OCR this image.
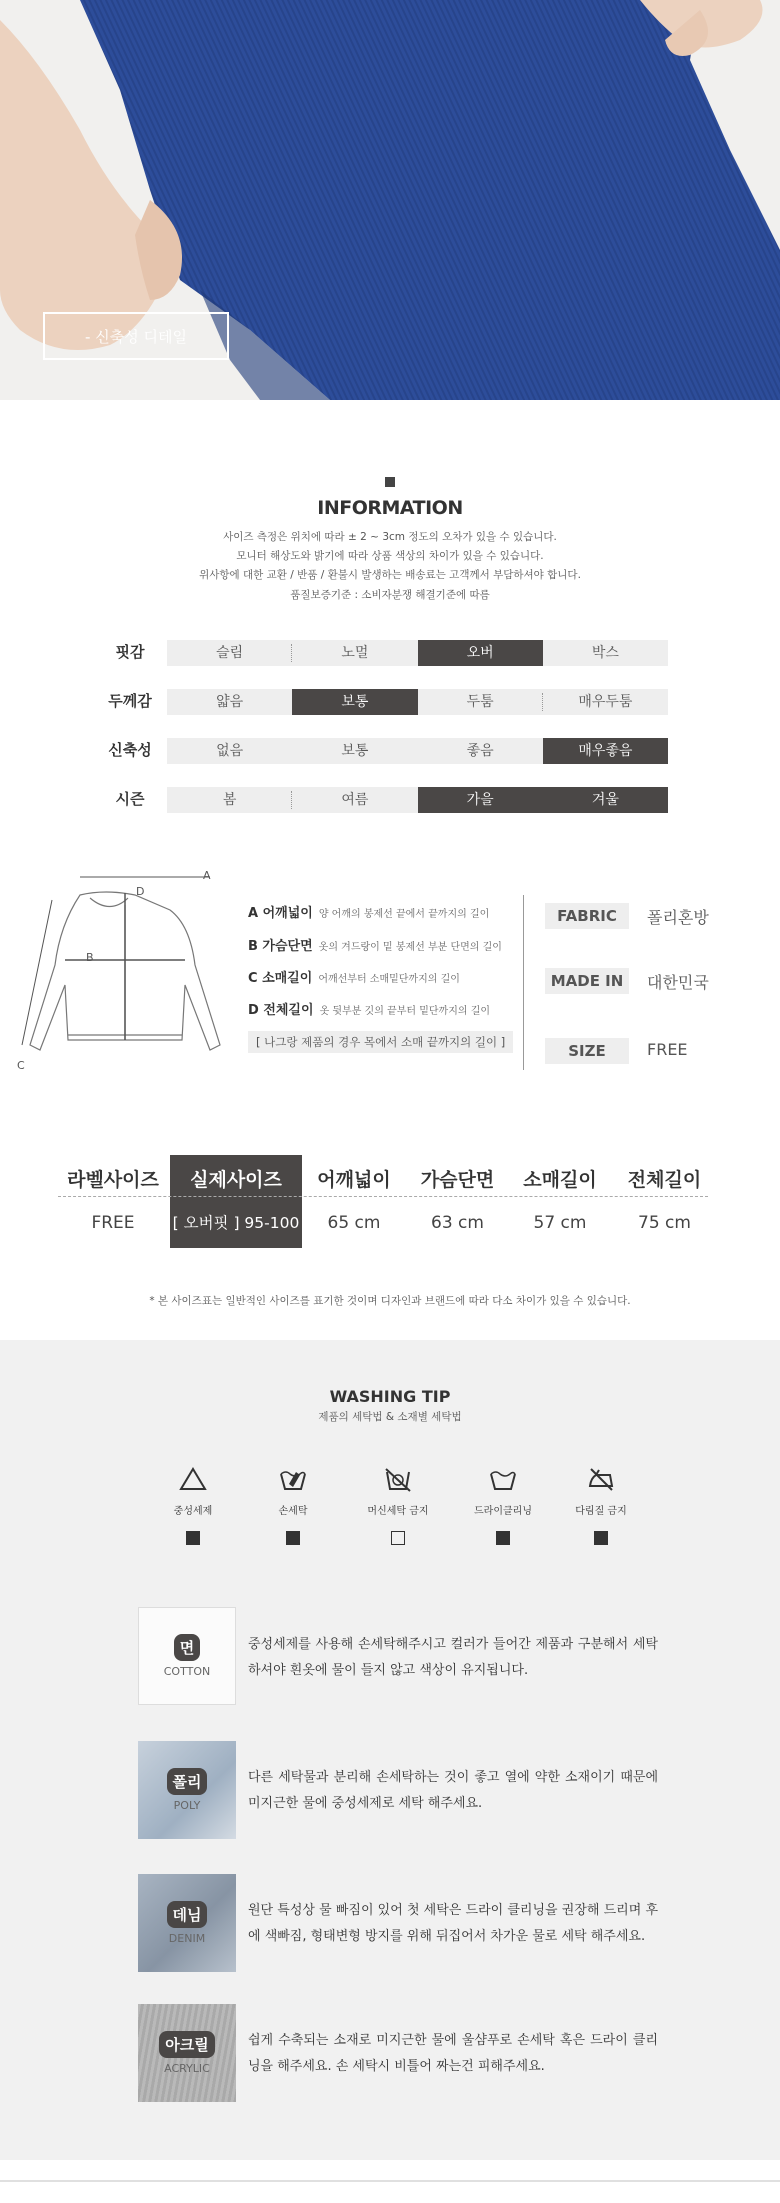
- 신축성 디테일
INFORMATION
사이즈 측정은 위치에 따라 ± 2 ~ 3cm 정도의 오차가 있을 수 있습니다.
모니터 해상도와 밝기에 따라 상품 색상의 차이가 있을 수 있습니다.
위사항에 대한 교환 / 반품 / 환불시 발생하는 배송료는 고객께서 부담하셔야 합니다.
품질보증기준 : 소비자분쟁 해결기준에 따름
핏감	슬림	노멀	오버	박스
두께감	얇음	보통	두툼	매우두툼
신축성	없음	보통	좋음	매우좋음
시즌	봄	여름	가을	겨울
A
B
C
D
A 어깨넓이 양 어깨의 봉제선 끝에서 끝까지의 길이
B 가슴단면 옷의 겨드랑이 밑 봉제선 부분 단면의 길이
C 소매길이 어깨선부터 소매밑단까지의 길이
D 전체길이 옷 뒷부분 깃의 끝부터 밑단까지의 길이
[ 나그랑 제품의 경우 목에서 소매 끝까지의 길이 ]
FABRIC	폴리혼방
MADE IN	대한민국
SIZE	FREE
라벨사이즈	실제사이즈	어깨넓이	가슴단면	소매길이	전체길이
FREE	[ 오버핏 ] 95-100	65 cm	63 cm	57 cm	75 cm
* 본 사이즈표는 일반적인 사이즈를 표기한 것이며 디자인과 브랜드에 따라 다소 차이가 있을 수 있습니다.
WASHING TIP
제품의 세탁법 & 소재별 세탁법
중성세제	손세탁	머신세탁 금지	드라이클리닝	다림질 금지
면
COTTON
중성세제를 사용해 손세탁해주시고 컬러가 들어간 제품과 구분해서 세탁하셔야 흰옷에 물이 들지 않고 색상이 유지됩니다.
폴리
POLY
다른 세탁물과 분리해 손세탁하는 것이 좋고 열에 약한 소재이기 때문에 미지근한 물에 중성세제로 세탁 해주세요.
데님
DENIM
원단 특성상 물 빠짐이 있어 첫 세탁은 드라이 클리닝을 권장해 드리며 후에 색빠짐, 형태변형 방지를 위해 뒤집어서 차가운 물로 세탁 해주세요.
아크릴
ACRYLIC
쉽게 수축되는 소재로 미지근한 물에 울샴푸로 손세탁 혹은 드라이 클리닝을 해주세요. 손 세탁시 비틀어 짜는건 피해주세요.
